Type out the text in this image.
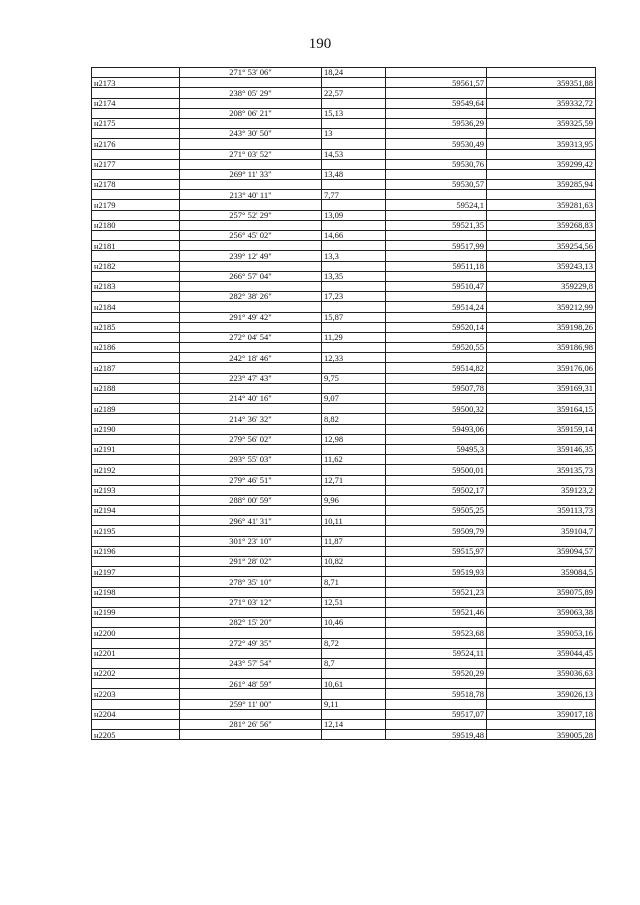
190
	271° 53' 06"	18,24		
н2173			59561,57	359351,88
	238° 05' 29"	22,57		
н2174			59549,64	359332,72
	208° 06' 21"	15,13		
н2175			59536,29	359325,59
	243° 30' 50"	13		
н2176			59530,49	359313,95
	271° 03' 52"	14,53		
н2177			59530,76	359299,42
	269° 11' 33"	13,48		
н2178			59530,57	359285,94
	213° 40' 11"	7,77		
н2179			59524,1	359281,63
	257° 52' 29"	13,09		
н2180			59521,35	359268,83
	256° 45' 02"	14,66		
н2181			59517,99	359254,56
	239° 12' 49"	13,3		
н2182			59511,18	359243,13
	266° 57' 04"	13,35		
н2183			59510,47	359229,8
	282° 38' 26"	17,23		
н2184			59514,24	359212,99
	291° 49' 42"	15,87		
н2185			59520,14	359198,26
	272° 04' 54"	11,29		
н2186			59520,55	359186,98
	242° 18' 46"	12,33		
н2187			59514,82	359176,06
	223° 47' 43"	9,75		
н2188			59507,78	359169,31
	214° 40' 16"	9,07		
н2189			59500,32	359164,15
	214° 36' 32"	8,82		
н2190			59493,06	359159,14
	279° 56' 02"	12,98		
н2191			59495,3	359146,35
	293° 55' 03"	11,62		
н2192			59500,01	359135,73
	279° 46' 51"	12,71		
н2193			59502,17	359123,2
	288° 00' 59"	9,96		
н2194			59505,25	359113,73
	296° 41' 31"	10,11		
н2195			59509,79	359104,7
	301° 23' 10"	11,87		
н2196			59515,97	359094,57
	291° 28' 02"	10,82		
н2197			59519,93	359084,5
	278° 35' 10"	8,71		
н2198			59521,23	359075,89
	271° 03' 12"	12,51		
н2199			59521,46	359063,38
	282° 15' 20"	10,46		
н2200			59523,68	359053,16
	272° 49' 35"	8,72		
н2201			59524,11	359044,45
	243° 57' 54"	8,7		
н2202			59520,29	359036,63
	261° 48' 59"	10,61		
н2203			59518,78	359026,13
	259° 11' 00"	9,11		
н2204			59517,07	359017,18
	281° 26' 56"	12,14		
н2205			59519,48	359005,28
